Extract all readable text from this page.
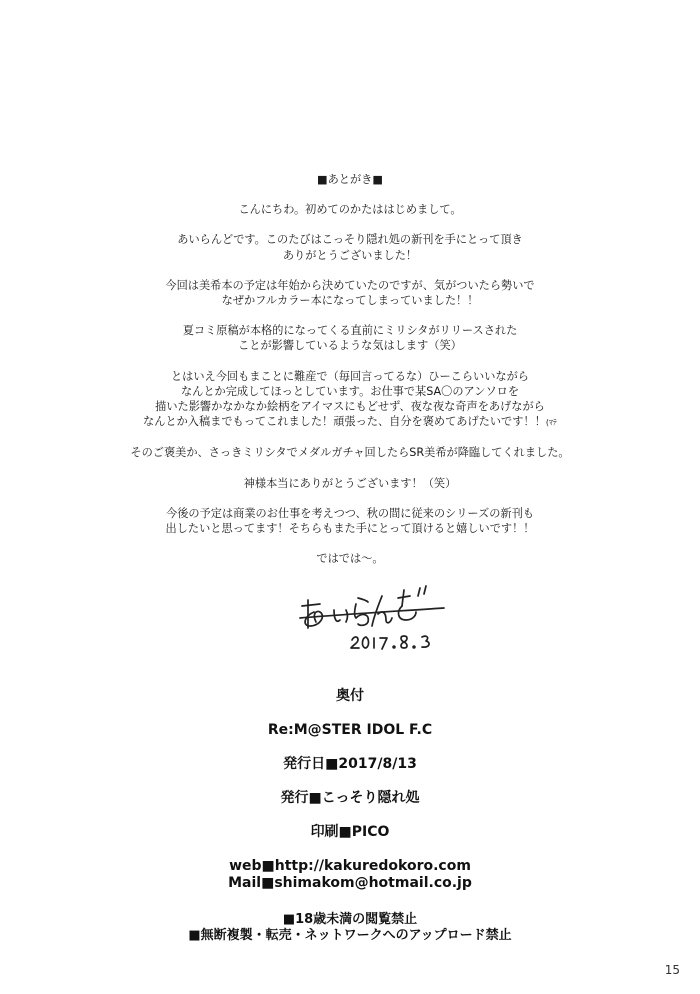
■あとがき■

こんにちわ。初めてのかたははじめまして。

あいらんどです。このたびはこっそり隠れ処の新刊を手にとって頂き
ありがとうございました！

今回は美希本の予定は年始から決めていたのですが、気がついたら勢いで
なぜかフルカラー本になってしまっていました！！

夏コミ原稿が本格的になってくる直前にミリシタがリリースされた
ことが影響しているような気はします（笑）

とはいえ今回もまことに難産で（毎回言ってるな）ひーこらいいながら
なんとか完成してほっとしています。お仕事で某SA〇のアンソロを
描いた影響かなかなか絵柄をアイマスにもどせず、夜な夜な奇声をあげながら
なんとか入稿までもってこれました！頑張った、自分を褒めてあげたいです！！(ﾏﾃ

そのご褒美か、さっきミリシタでメダルガチャ回したらSR美希が降臨してくれました。

神様本当にありがとうございます！（笑）

今後の予定は商業のお仕事を考えつつ、秋の間に従来のシリーズの新刊も
出したいと思ってます！そちらもまた手にとって頂けると嬉しいです！！

ではでは〜。

奥付
Re:M@STER IDOL F.C
発行日■2017/8/13
発行■こっそり隠れ処
印刷■PICO
web■http://kakuredokoro.com
Mail■shimakom@hotmail.co.jp
■18歳未満の閲覧禁止
■無断複製・転売・ネットワークへのアップロード禁止
15
